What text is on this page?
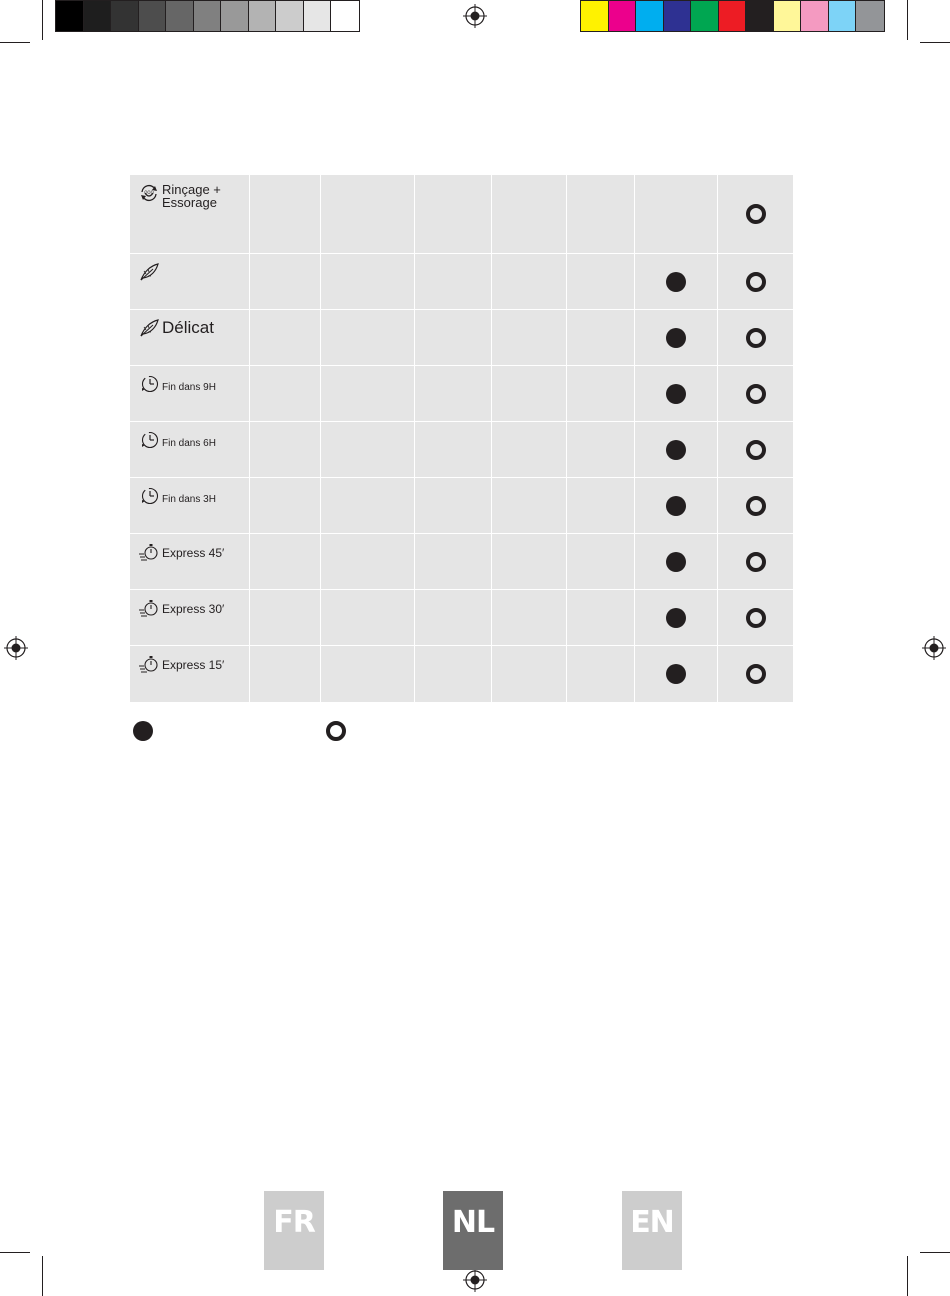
OOO Rinçage +
Essorage
Délicat
Fin dans 9H
Fin dans 6H
Fin dans 3H
Express 45′
Express 30′
Express 15′
FR	NL	EN
